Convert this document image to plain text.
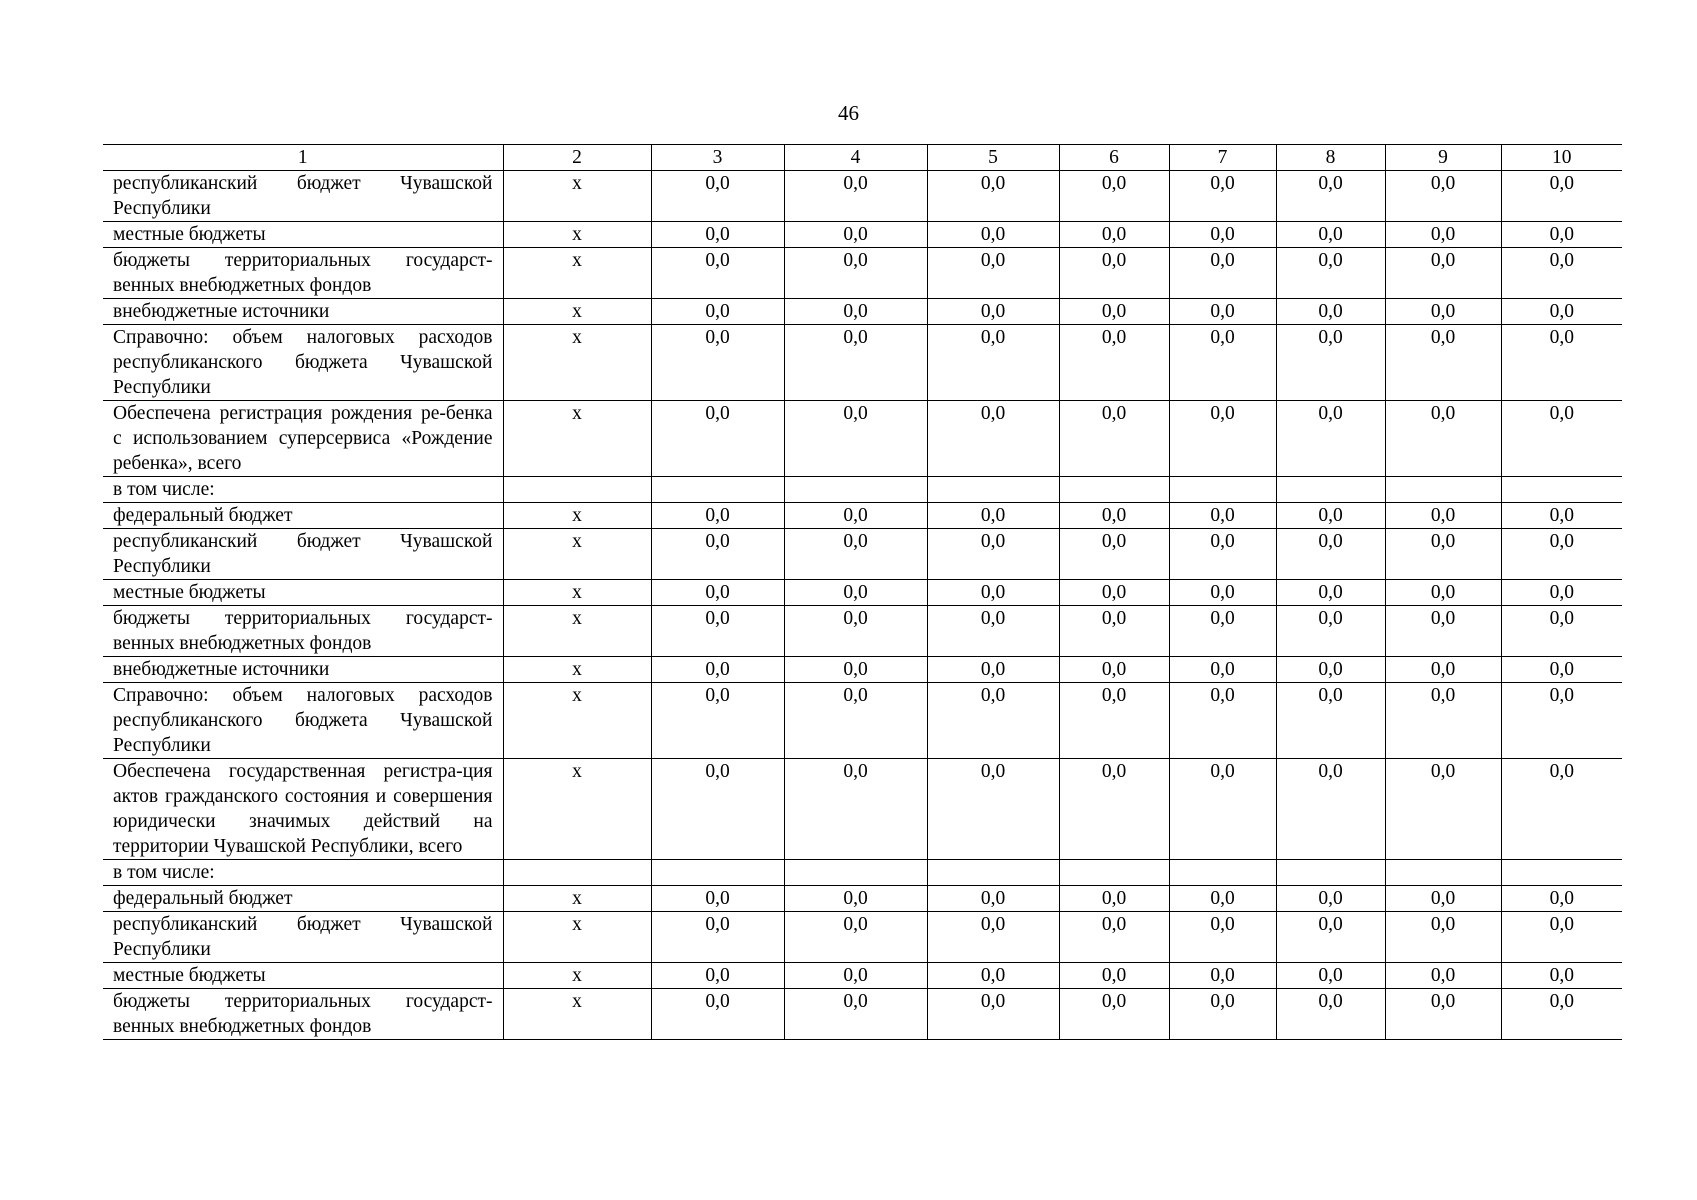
46
1	2	3	4	5	6	7	8	9	10
республиканский бюджет Чувашской Республики	x	0,0	0,0	0,0	0,0	0,0	0,0	0,0	0,0
местные бюджеты	x	0,0	0,0	0,0	0,0	0,0	0,0	0,0	0,0
бюджеты территориальных государст-венных внебюджетных фондов	x	0,0	0,0	0,0	0,0	0,0	0,0	0,0	0,0
внебюджетные источники	x	0,0	0,0	0,0	0,0	0,0	0,0	0,0	0,0
Справочно: объем налоговых расходов республиканского бюджета Чувашской Республики	x	0,0	0,0	0,0	0,0	0,0	0,0	0,0	0,0
Обеспечена регистрация рождения ре-бенка с использованием суперсервиса «Рождение ребенка», всего	x	0,0	0,0	0,0	0,0	0,0	0,0	0,0	0,0
в том числе:									
федеральный бюджет	x	0,0	0,0	0,0	0,0	0,0	0,0	0,0	0,0
республиканский бюджет Чувашской Республики	x	0,0	0,0	0,0	0,0	0,0	0,0	0,0	0,0
местные бюджеты	x	0,0	0,0	0,0	0,0	0,0	0,0	0,0	0,0
бюджеты территориальных государст-венных внебюджетных фондов	x	0,0	0,0	0,0	0,0	0,0	0,0	0,0	0,0
внебюджетные источники	x	0,0	0,0	0,0	0,0	0,0	0,0	0,0	0,0
Справочно: объем налоговых расходов республиканского бюджета Чувашской Республики	x	0,0	0,0	0,0	0,0	0,0	0,0	0,0	0,0
Обеспечена государственная регистра-ция актов гражданского состояния и совершения юридически значимых действий на территории Чувашской Республики, всего	x	0,0	0,0	0,0	0,0	0,0	0,0	0,0	0,0
в том числе:									
федеральный бюджет	x	0,0	0,0	0,0	0,0	0,0	0,0	0,0	0,0
республиканский бюджет Чувашской Республики	x	0,0	0,0	0,0	0,0	0,0	0,0	0,0	0,0
местные бюджеты	x	0,0	0,0	0,0	0,0	0,0	0,0	0,0	0,0
бюджеты территориальных государст-венных внебюджетных фондов	x	0,0	0,0	0,0	0,0	0,0	0,0	0,0	0,0
